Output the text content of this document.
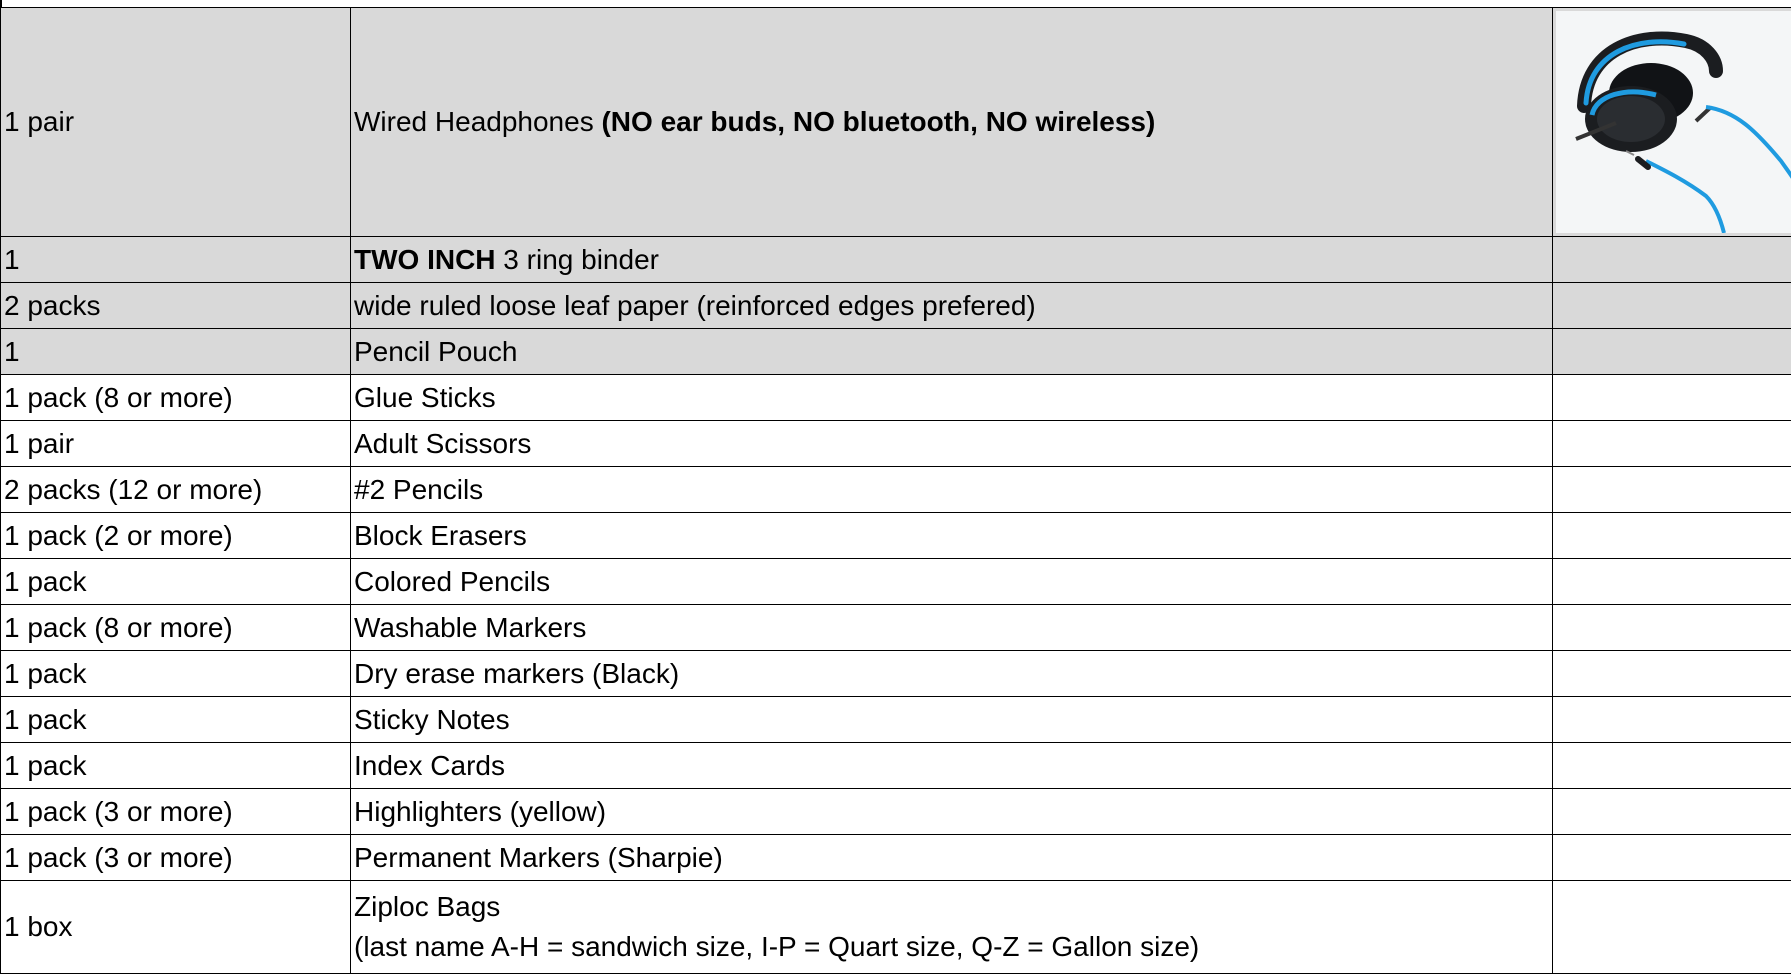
1 pair	Wired Headphones (NO ear buds, NO bluetooth, NO wireless)	

1	TWO INCH 3 ring binder	
2 packs	wide ruled loose leaf paper (reinforced edges prefered)	
1	Pencil Pouch	
1 pack (8 or more)	Glue Sticks	
1 pair	Adult Scissors	
2 packs (12 or more)	#2 Pencils	
1 pack (2 or more)	Block Erasers	
1 pack	Colored Pencils	
1 pack (8 or more)	Washable Markers	
1 pack	Dry erase markers (Black)	
1 pack	Sticky Notes	
1 pack	Index Cards	
1 pack (3 or more)	Highlighters (yellow)	
1 pack (3 or more)	Permanent Markers (Sharpie)	
1 box	Ziploc Bags
(last name A-H = sandwich size, I-P = Quart size, Q-Z = Gallon size)	
